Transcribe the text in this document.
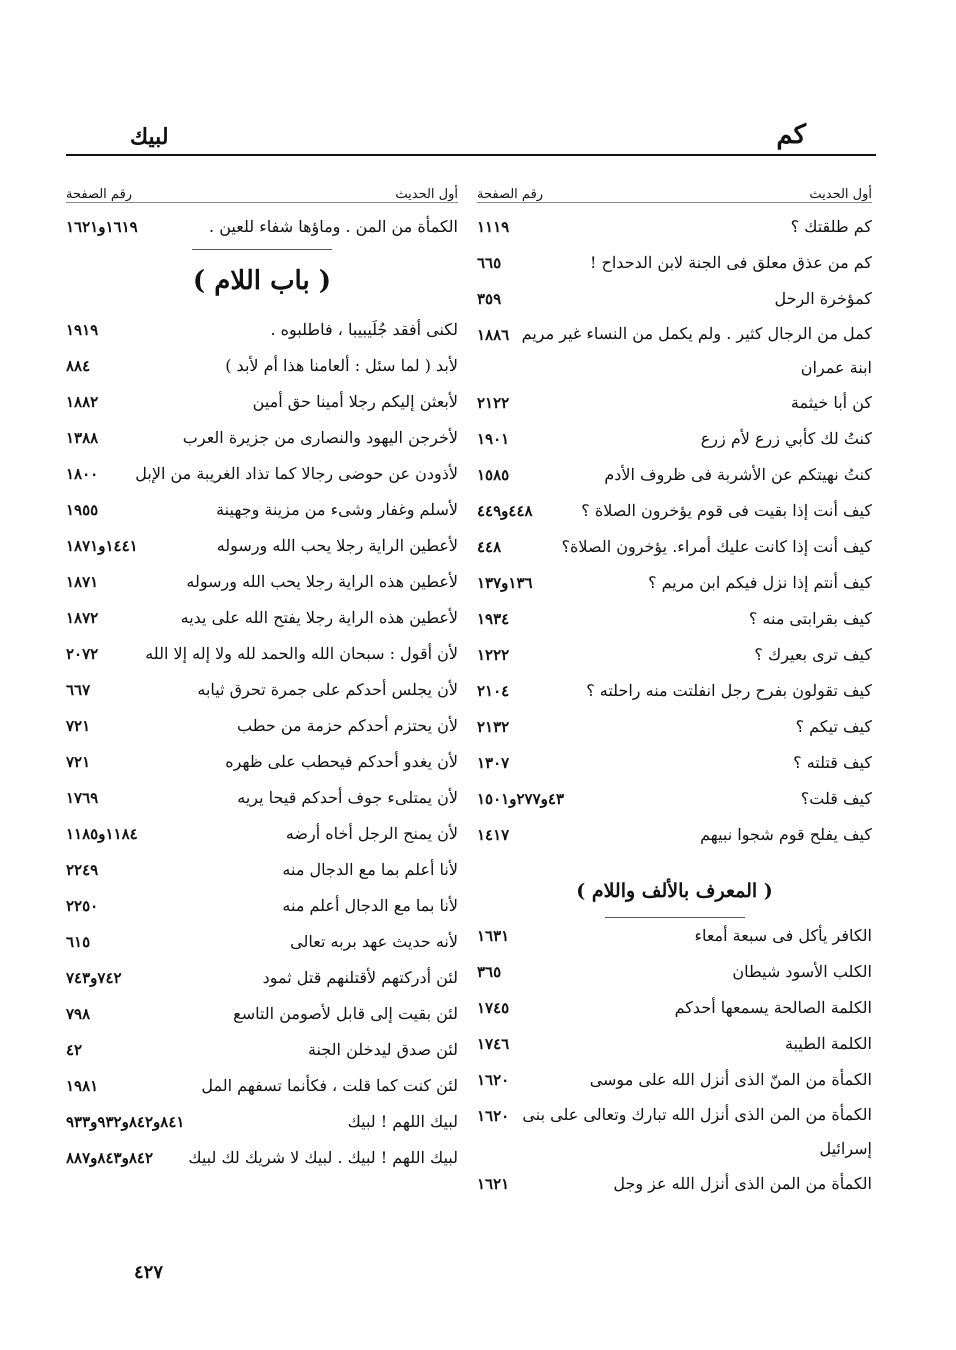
كم
لبيك
أول الحديث
رقم الصفحة
كم طلقتك ؟
١١١٩
كم من عذق معلق فى الجنة لابن الدحداح !
٦٦٥
كمؤخرة الرحل
٣٥٩
كمل من الرجال كثير . ولم يكمل من النساء غير مريم ابنة عمران
١٨٨٦
كن أبا خيثمة
٢١٢٢
كنتُ لك كأبي زرع لأم زرع
١٩٠١
كنتُ نهيتكم عن الأشربة فى ظروف الأدم
١٥٨٥
كيف أنت إذا بقيت فى قوم يؤخرون الصلاة ؟
٤٤٨و٤٤٩
كيف أنت إذا كانت عليك أمراء. يؤخرون الصلاة؟
٤٤٨
كيف أنتم إذا نزل فيكم ابن مريم ؟
١٣٦و١٣٧
كيف بقرابتى منه ؟
١٩٣٤
كيف ترى بعيرك ؟
١٢٢٢
كيف تقولون بفرح رجل انفلتت منه راحلته ؟
٢١٠٤
كيف تيكم ؟
٢١٣٢
كيف قتلته ؟
١٣٠٧
كيف قلت؟
٤٣و٢٧٧و١٥٠١
كيف يفلح قوم شجوا نبيهم
١٤١٧
( المعرف بالألف واللام )
الكافر يأكل فى سبعة أمعاء
١٦٣١
الكلب الأسود شيطان
٣٦٥
الكلمة الصالحة يسمعها أحدكم
١٧٤٥
الكلمة الطيبة
١٧٤٦
الكمأة من المنّ الذى أنزل الله على موسى
١٦٢٠
الكمأة من المن الذى أنزل الله تبارك وتعالى على بنى إسرائيل
١٦٢٠
الكمأة من المن الذى أنزل الله عز وجل
١٦٢١
أول الحديث
رقم الصفحة
الكمأة من المن . وماؤها شفاء للعين .
١٦١٩و١٦٢١
( باب اللام )
لكنى أفقد جُلَيبيبا ، فاطلبوه .
١٩١٩
لأبد ( لما سئل : ألعامنا هذا أم لأبد )
٨٨٤
لأبعثن إليكم رجلا أمينا حق أمين
١٨٨٢
لأخرجن اليهود والنصارى من جزيرة العرب
١٣٨٨
لأذودن عن حوضى رجالا كما تذاد الغريبة من الإبل
١٨٠٠
لأسلم وغفار وشىء من مزينة وجهينة
١٩٥٥
لأعطين الراية رجلا يحب الله ورسوله
١٤٤١و١٨٧١
لأعطين هذه الراية رجلا يحب الله ورسوله
١٨٧١
لأعطين هذه الراية رجلا يفتح الله على يديه
١٨٧٢
لأن أقول : سبحان الله والحمد لله ولا إله إلا الله
٢٠٧٢
لأن يجلس أحدكم على جمرة تحرق ثيابه
٦٦٧
لأن يحتزم أحدكم حزمة من حطب
٧٢١
لأن يغدو أحدكم فيحطب على ظهره
٧٢١
لأن يمتلىء جوف أحدكم قيحا يريه
١٧٦٩
لأن يمنح الرجل أخاه أرضه
١١٨٤و١١٨٥
لأنا أعلم بما مع الدجال منه
٢٢٤٩
لأنا بما مع الدجال أعلم منه
٢٢٥٠
لأنه حديث عهد بربه تعالى
٦١٥
لئن أدركتهم لأقتلنهم قتل ثمود
٧٤٢و٧٤٣
لئن بقيت إلى قابل لأصومن التاسع
٧٩٨
لئن صدق ليدخلن الجنة
٤٢
لئن كنت كما قلت ، فكأنما تسفهم المل
١٩٨١
لبيك اللهم ! لبيك
٨٤١و٨٤٢و٩٣٢و٩٣٣
لبيك اللهم ! لبيك . لبيك لا شريك لك لبيك
٨٤٢و٨٤٣و٨٨٧
٤٢٧
